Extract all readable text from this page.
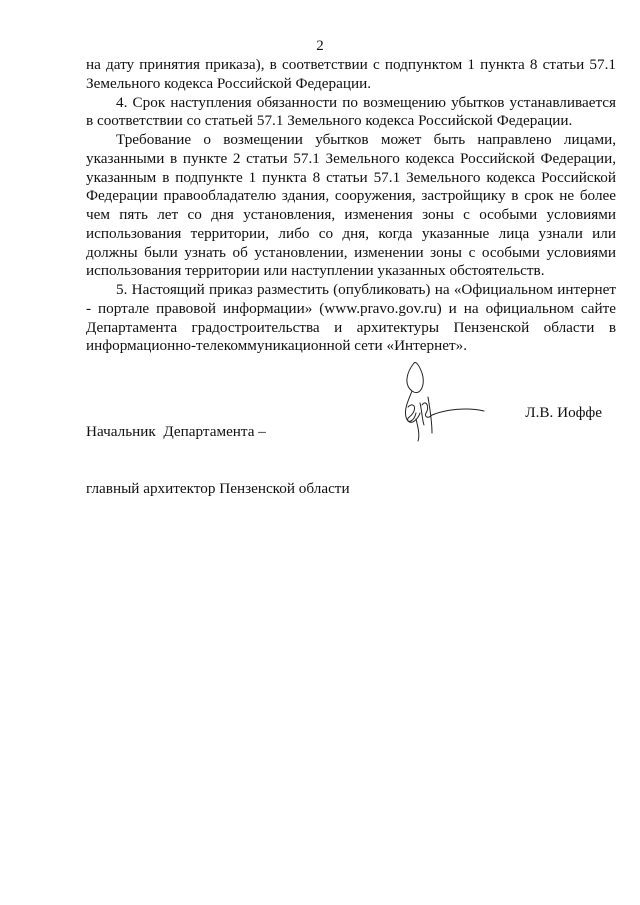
2

на дату принятия приказа), в соответствии с подпунктом 1 пункта 8 статьи 57.1 Земельного кодекса Российской Федерации.

4. Срок наступления обязанности по возмещению убытков устанавливается в соответствии со статьей 57.1 Земельного кодекса Российской Федерации.

Требование о возмещении убытков может быть направлено лицами, указанными в пункте 2 статьи 57.1 Земельного кодекса Российской Федерации, указанным в подпункте 1 пункта 8 статьи 57.1 Земельного кодекса Российской Федерации правообладателю здания, сооружения, застройщику в срок не более чем пять лет со дня установления, изменения зоны с особыми условиями использования территории, либо со дня, когда указанные лица узнали или должны были узнать об установлении, изменении зоны с особыми условиями использования территории или наступлении указанных обстоятельств.

5. Настоящий приказ разместить (опубликовать) на «Официальном интернет - портале правовой информации» (www.pravo.gov.ru) и на официальном сайте Департамента градостроительства и архитектуры Пензенской области в информационно-телекоммуникационной сети «Интернет».

Начальник  Департамента –

главный архитектор Пензенской области

Л.В. Иоффе
